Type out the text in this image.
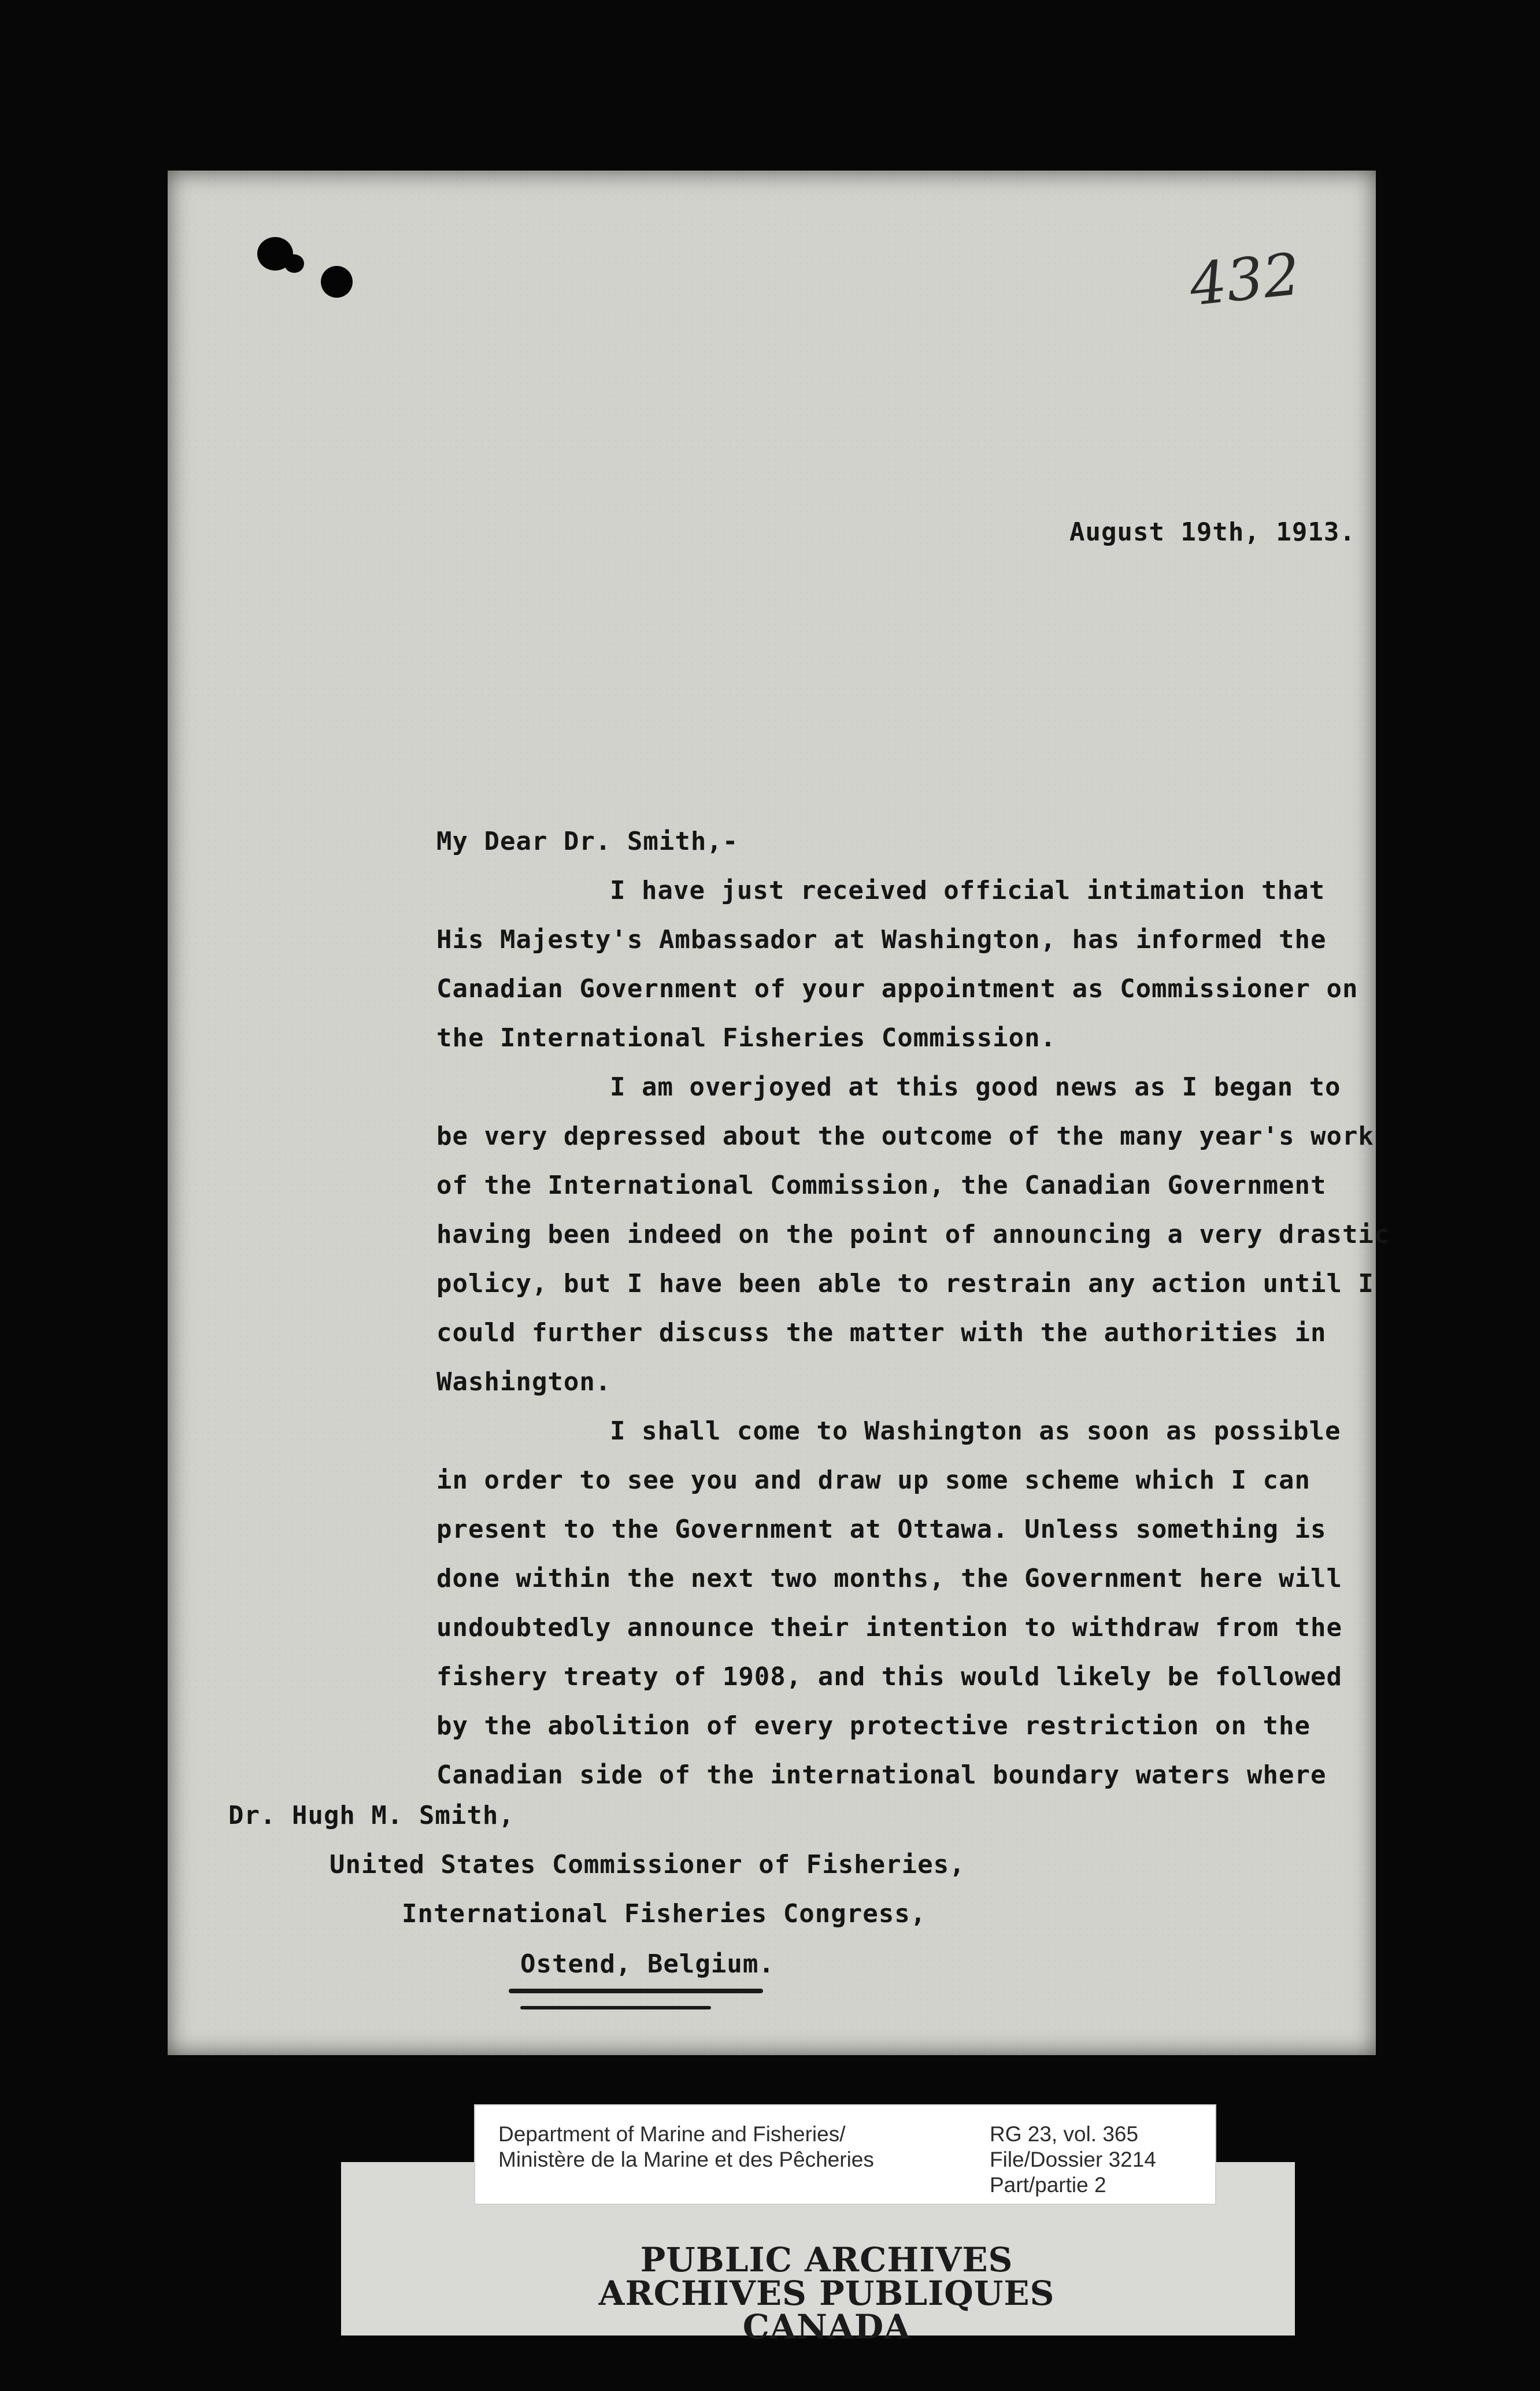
432
August 19th, 1913.
My Dear Dr. Smith,-
I have just received official intimation that
His Majesty's Ambassador at Washington, has informed the
Canadian Government of your appointment as Commissioner on
the International Fisheries Commission.
I am overjoyed at this good news as I began to
be very depressed about the outcome of the many year's work
of the International Commission, the Canadian Government
having been indeed on the point of announcing a very drastic
policy, but I have been able to restrain any action until I
could further discuss the matter with the authorities in
Washington.
I shall come to Washington as soon as possible
in order to see you and draw up some scheme which I can
present to the Government at Ottawa. Unless something is
done within the next two months, the Government here will
undoubtedly announce their intention to withdraw from the
fishery treaty of 1908, and this would likely be followed
by the abolition of every protective restriction on the
Canadian side of the international boundary waters where
Dr. Hugh M. Smith,
United States Commissioner of Fisheries,
International Fisheries Congress,
Ostend, Belgium.
Department of Marine and Fisheries/
Ministère de la Marine et des Pêcheries
RG 23, vol. 365
File/Dossier 3214
Part/partie 2
PUBLIC ARCHIVES
ARCHIVES PUBLIQUES
CANADA
